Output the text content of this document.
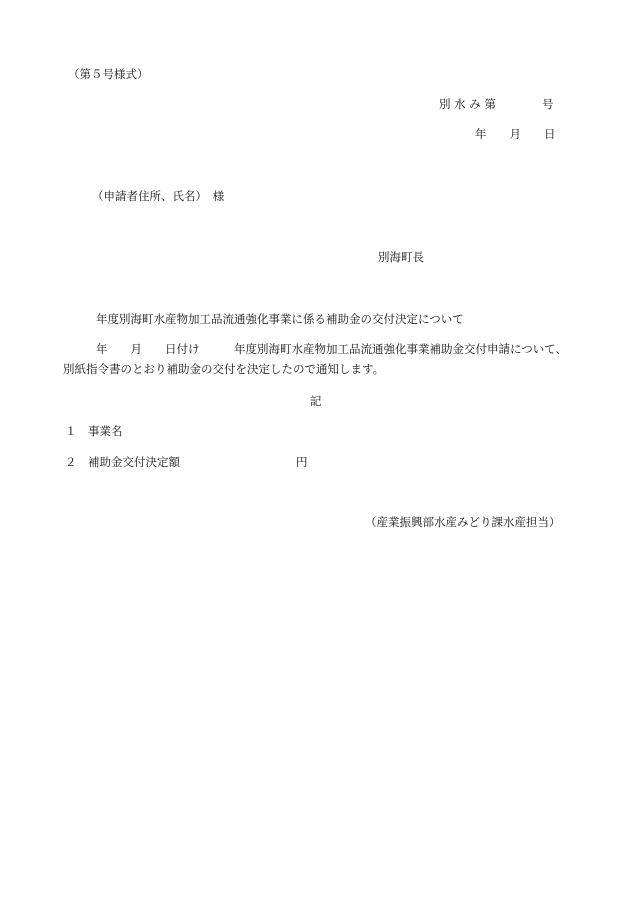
（第５号様式）
別 水 み 第　　　　号
年　　月　　日
（申請者住所、氏名）　様
別海町長
年度別海町水産物加工品流通強化事業に係る補助金の交付決定について
年　　月　　日付け　　　年度別海町水産物加工品流通強化事業補助金交付申請について、
別紙指令書のとおり補助金の交付を決定したので通知します。
記
１ 事業名
２ 補助金交付決定額	円
（産業振興部水産みどり課水産担当）
